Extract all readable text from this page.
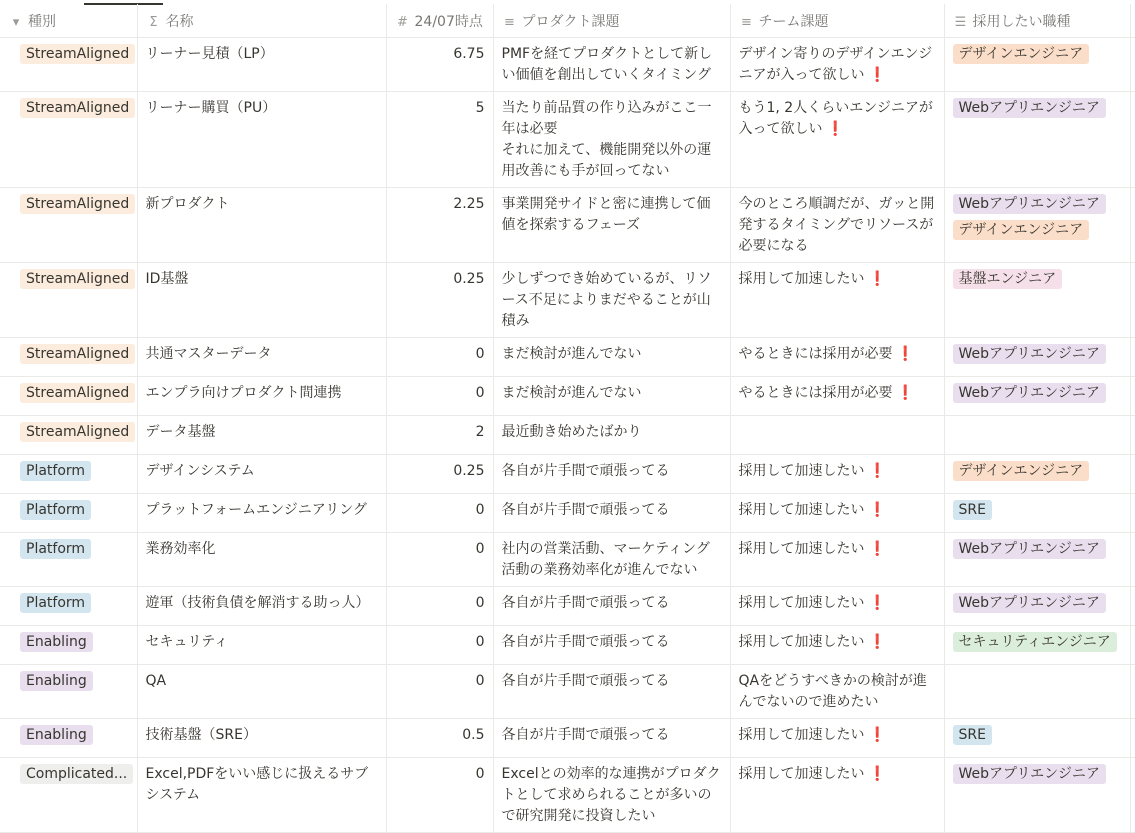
▾ 種別	Σ 名称	# 24/07時点	≡ プロダクト課題	≡ チーム課題	☰ 採用したい職種	
StreamAligned	リーナー見積（LP）	6.75	PMFを経てプロダクトとして新しい価値を創出していくタイミング	デザイン寄りのデザインエンジニアが入って欲しい ❗	デザインエンジニア	

StreamAligned	リーナー購買（PU）	5	当たり前品質の作り込みがここ一年は必要
それに加えて、機能開発以外の運用改善にも手が回ってない	もう1, 2人くらいエンジニアが入って欲しい ❗	Webアプリエンジニア	

StreamAligned	新プロダクト	2.25	事業開発サイドと密に連携して価値を探索するフェーズ	今のところ順調だが、ガッと開発するタイミングでリソースが必要になる	Webアプリエンジニア
デザインエンジニア	

StreamAligned	ID基盤	0.25	少しずつでき始めているが、リソース不足によりまだやることが山積み	採用して加速したい ❗	基盤エンジニア	

StreamAligned	共通マスターデータ	0	まだ検討が進んでない	やるときには採用が必要 ❗	Webアプリエンジニア	

StreamAligned	エンプラ向けプロダクト間連携	0	まだ検討が進んでない	やるときには採用が必要 ❗	Webアプリエンジニア	

StreamAligned	データ基盤	2	最近動き始めたばかり			

Platform	デザインシステム	0.25	各自が片手間で頑張ってる	採用して加速したい ❗	デザインエンジニア	

Platform	プラットフォームエンジニアリング	0	各自が片手間で頑張ってる	採用して加速したい ❗	SRE	

Platform	業務効率化	0	社内の営業活動、マーケティング活動の業務効率化が進んでない	採用して加速したい ❗	Webアプリエンジニア	

Platform	遊軍（技術負債を解消する助っ人）	0	各自が片手間で頑張ってる	採用して加速したい ❗	Webアプリエンジニア	

Enabling	セキュリティ	0	各自が片手間で頑張ってる	採用して加速したい ❗	セキュリティエンジニア	

Enabling	QA	0	各自が片手間で頑張ってる	QAをどうすべきかの検討が進んでないので進めたい		
Enabling	技術基盤（SRE）	0.5	各自が片手間で頑張ってる	採用して加速したい ❗	SRE	

Complicated...	Excel,PDFをいい感じに扱えるサブシステム	0	Excelとの効率的な連携がプロダクトとして求められることが多いので研究開発に投資したい	採用して加速したい ❗	Webアプリエンジニア	
